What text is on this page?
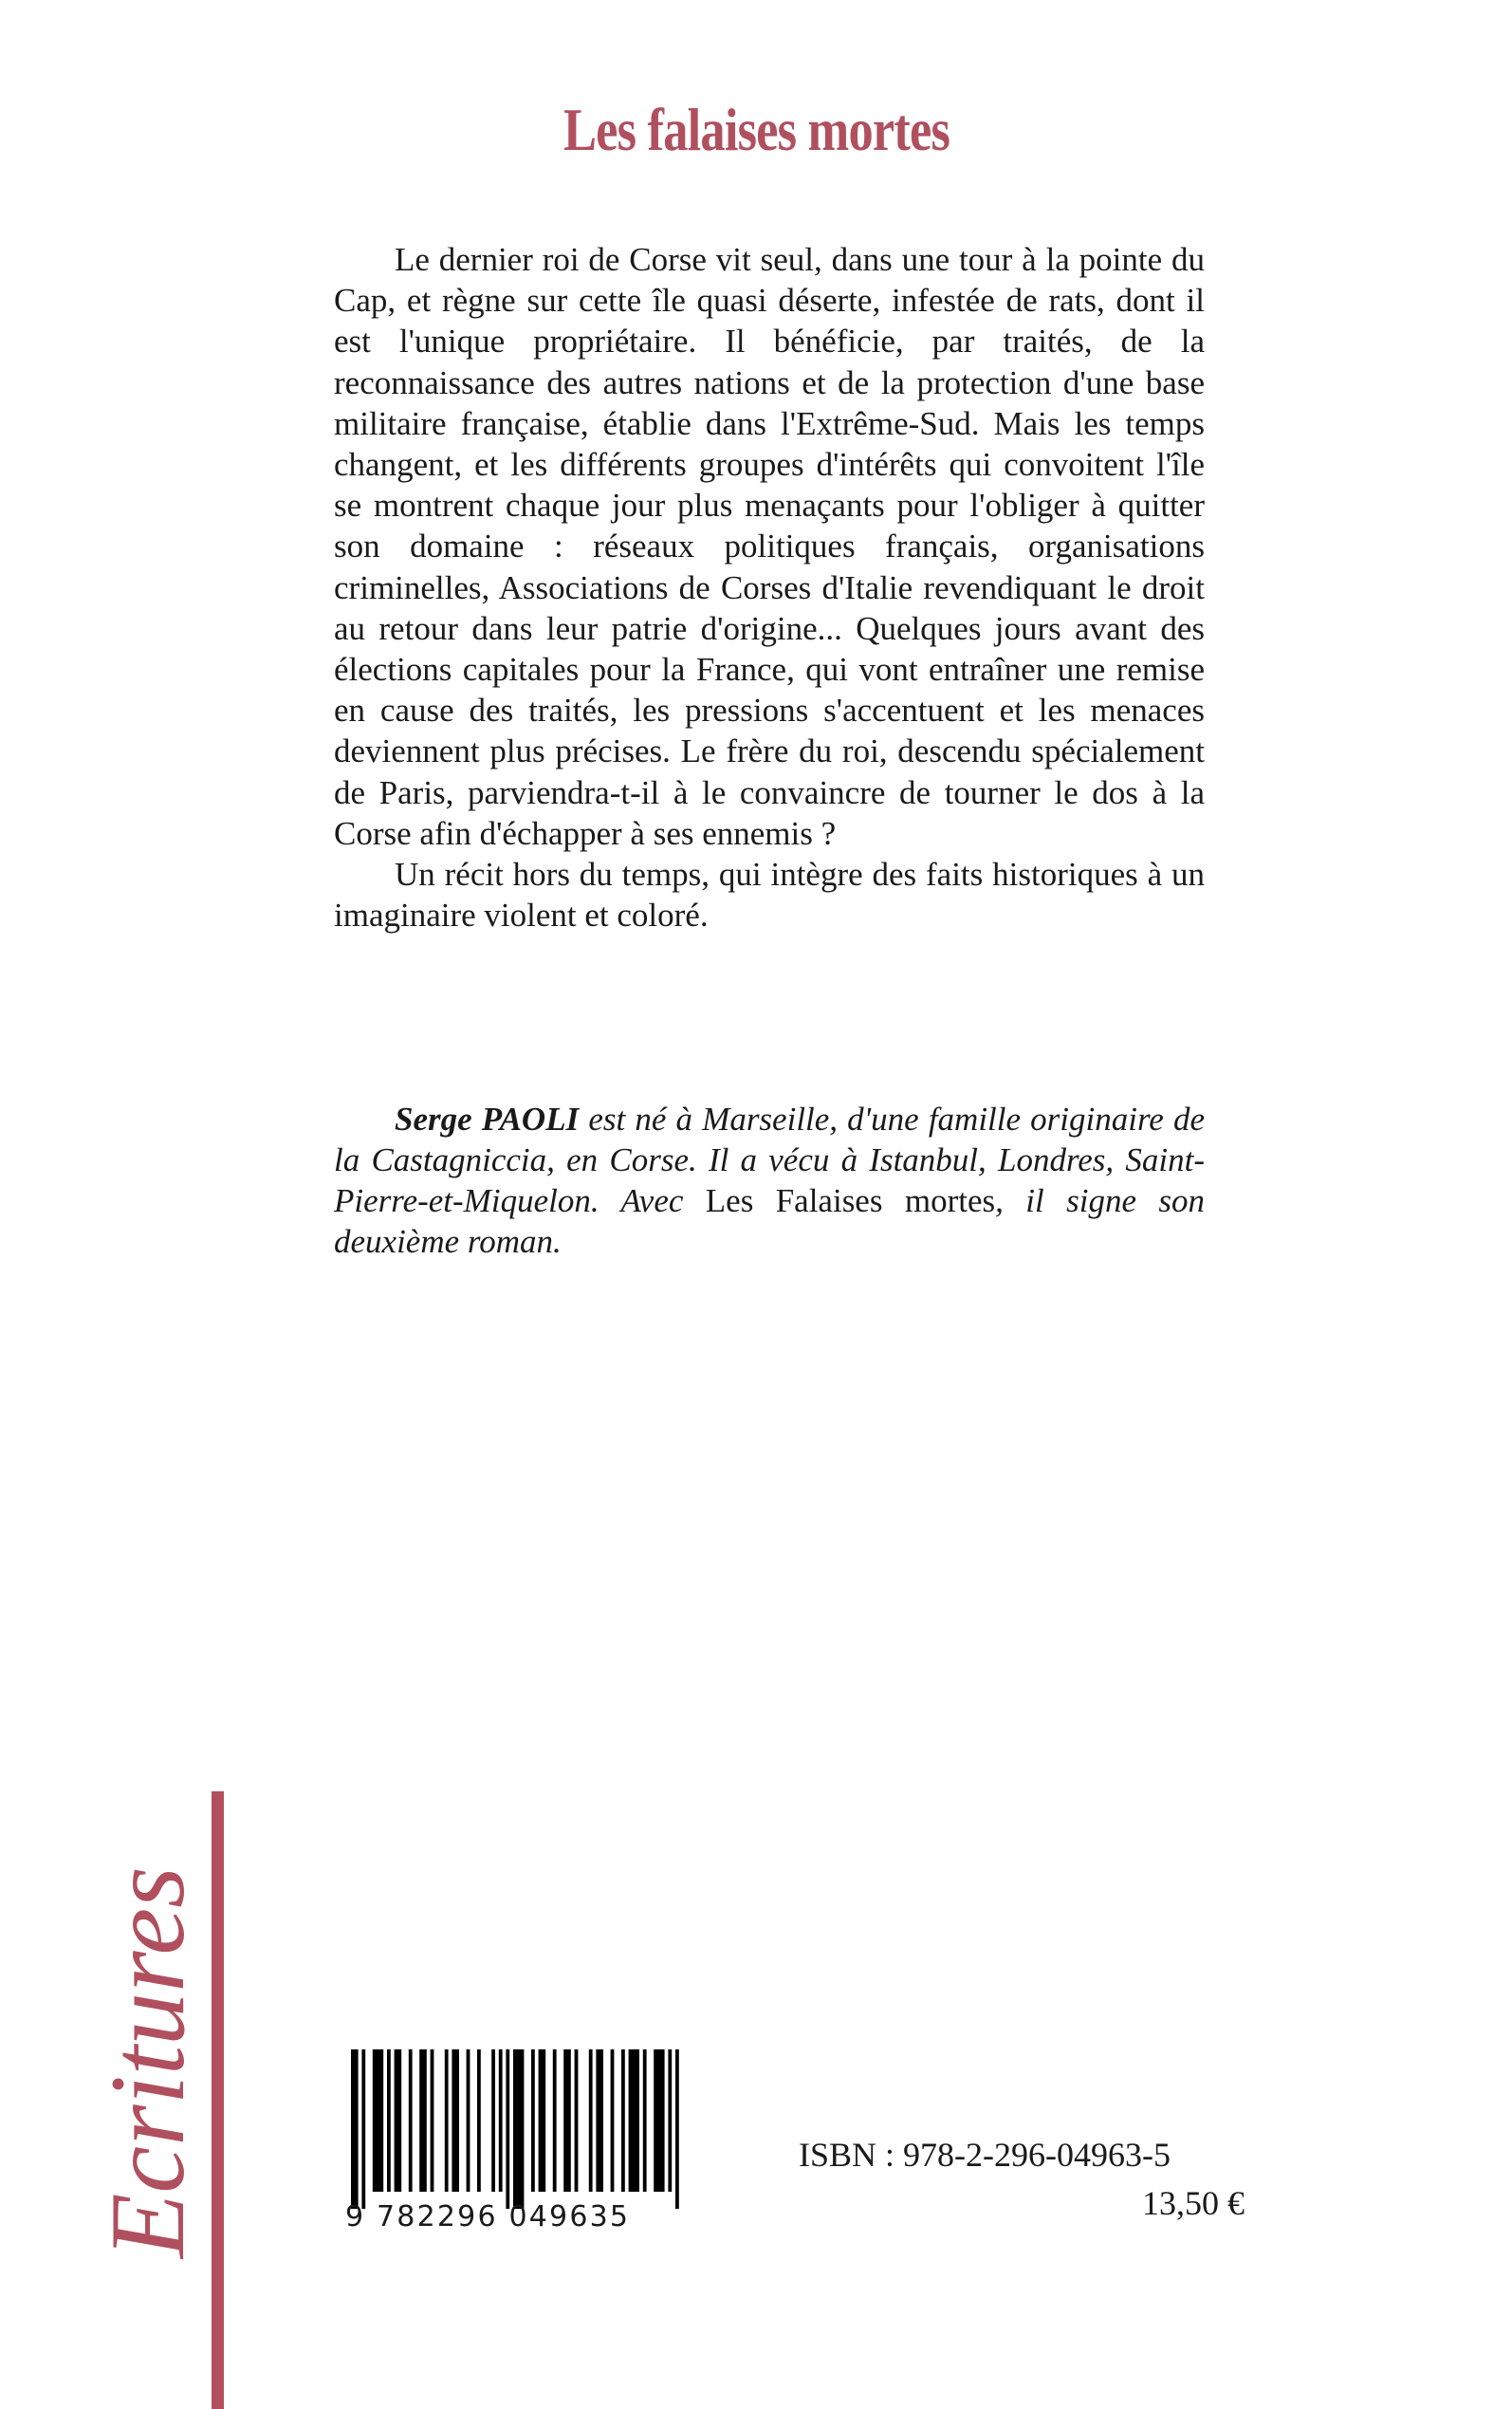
Les falaises mortes

Le dernier roi de Corse vit seul, dans une tour à la pointe du Cap, et règne sur cette île quasi déserte, infestée de rats, dont il est l'unique propriétaire. Il bénéficie, par traités, de la reconnaissance des autres nations et de la protection d'une base militaire française, établie dans l'Extrême-Sud. Mais les temps changent, et les différents groupes d'intérêts qui convoitent l'île se montrent chaque jour plus menaçants pour l'obliger à quitter son domaine : réseaux politiques français, organisations criminelles, Associations de Corses d'Italie revendiquant le droit au retour dans leur patrie d'origine... Quelques jours avant des élections capitales pour la France, qui vont entraîner une remise en cause des traités, les pressions s'accentuent et les menaces deviennent plus précises. Le frère du roi, descendu spécialement de Paris, parviendra-t-il à le convaincre de tourner le dos à la Corse afin d'échapper à ses ennemis ?

Un récit hors du temps, qui intègre des faits historiques à un imaginaire violent et coloré.

Serge PAOLI est né à Marseille, d'une famille originaire de la Castagniccia, en Corse. Il a vécu à Istanbul, Londres, Saint-Pierre-et-Miquelon. Avec Les Falaises mortes, il signe son deuxième roman.

Ecritures	9 782296 049635
ISBN : 978-2-296-04963-5
13,50 €
